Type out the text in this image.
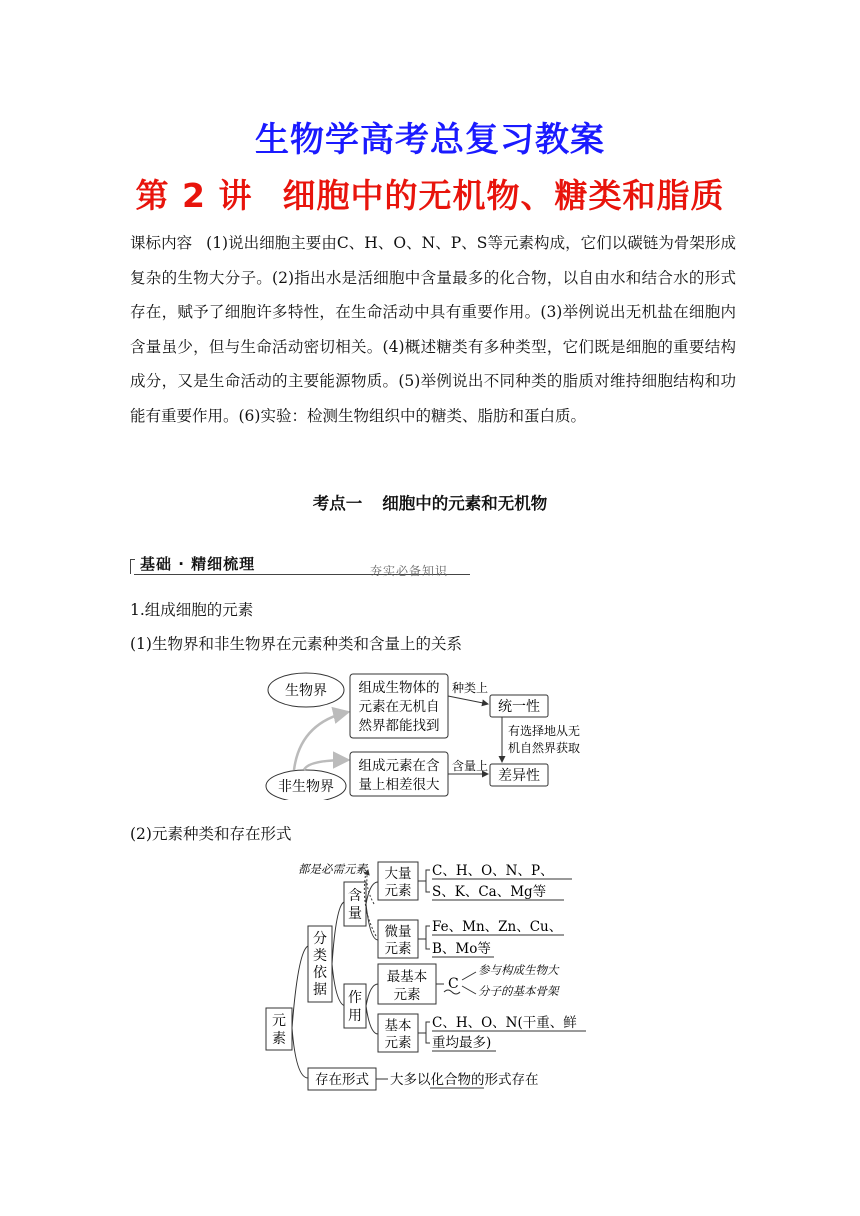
生物学高考总复习教案
第 2 讲 细胞中的无机物、糖类和脂质
课标内容 (1)说出细胞主要由C、H、O、N、P、S等元素构成，它们以碳链为骨架形成复杂的生物大分子。(2)指出水是活细胞中含量最多的化合物，以自由水和结合水的形式存在，赋予了细胞许多特性，在生命活动中具有重要作用。(3)举例说出无机盐在细胞内含量虽少，但与生命活动密切相关。(4)概述糖类有多种类型，它们既是细胞的重要结构成分，又是生命活动的主要能源物质。(5)举例说出不同种类的脂质对维持细胞结构和功能有重要作用。(6)实验：检测生物组织中的糖类、脂肪和蛋白质。
考点一 细胞中的元素和无机物
基础 · 精细梳理	夯实必备知识
1.组成细胞的元素
(1)生物界和非生物界在元素种类和含量上的关系
生物界
非生物界
组成生物体的
元素在无机自
然界都能找到
组成元素在含
量上相差很大
种类上
含量上
统一性
差异性
有选择地从无
机自然界获取
(2)元素种类和存在形式
元
素
分
类
依
据
含
量
大量
元素
C、H、O、N、P、
S、K、Ca、Mg等
都是必需元素
微量
元素
Fe、Mn、Zn、Cu、
B、Mo等
作
用
最基本
元素
C
参与构成生物大
分子的基本骨架
基本
元素
C、H、O、N(干重、鲜
重均最多)
存在形式 大多以化合物的形式存在
